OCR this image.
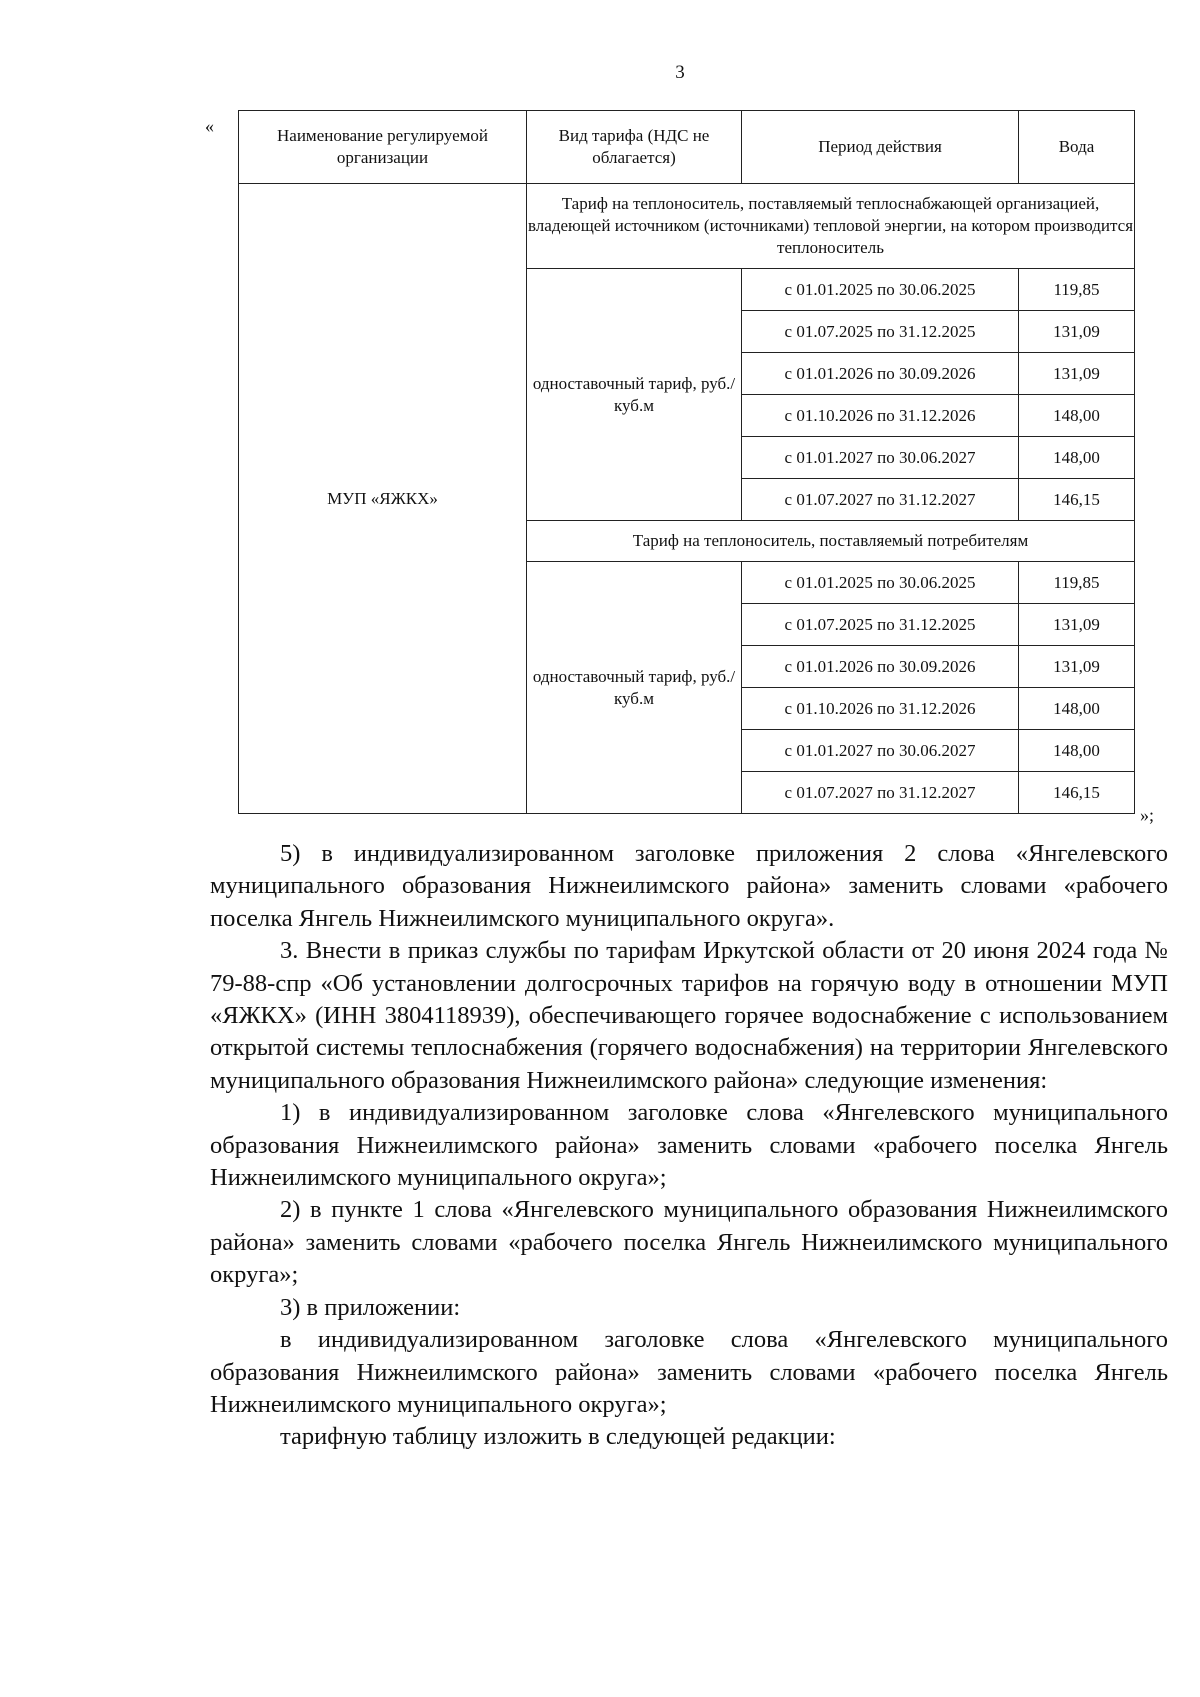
3
«
»;
Наименование регулируемой организации	Вид тарифа (НДС не облагается)	Период действия	Вода
МУП «ЯЖКХ»	Тариф на теплоноситель, поставляемый теплоснабжающей организацией, владеющей источником (источниками) тепловой энергии, на котором производится теплоноситель		
	одноставочный тариф, руб./куб.м	с 01.01.2025 по 30.06.2025	119,85
		с 01.07.2025 по 31.12.2025	131,09
		с 01.01.2026 по 30.09.2026	131,09
		с 01.10.2026 по 31.12.2026	148,00
		с 01.01.2027 по 30.06.2027	148,00
		с 01.07.2027 по 31.12.2027	146,15
	Тариф на теплоноситель, поставляемый потребителям		
	одноставочный тариф, руб./куб.м	с 01.01.2025 по 30.06.2025	119,85
		с 01.07.2025 по 31.12.2025	131,09
		с 01.01.2026 по 30.09.2026	131,09
		с 01.10.2026 по 31.12.2026	148,00
		с 01.01.2027 по 30.06.2027	148,00
		с 01.07.2027 по 31.12.2027	146,15

5) в индивидуализированном заголовке приложения 2 слова «Янгелевского муниципального образования Нижнеилимского района» заменить словами «рабочего поселка Янгель Нижнеилимского муниципального округа».

3. Внести в приказ службы по тарифам Иркутской области от 20 июня 2024 года № 79-88-спр «Об установлении долгосрочных тарифов на горячую воду в отношении МУП «ЯЖКХ» (ИНН 3804118939), обеспечивающего горячее водоснабжение с использованием открытой системы теплоснабжения (горячего водоснабжения) на территории Янгелевского муниципального образования Нижнеилимского района» следующие изменения:

1) в индивидуализированном заголовке слова «Янгелевского муниципального образования Нижнеилимского района» заменить словами «рабочего поселка Янгель Нижнеилимского муниципального округа»;

2) в пункте 1 слова «Янгелевского муниципального образования Нижнеилимского района» заменить словами «рабочего поселка Янгель Нижнеилимского муниципального округа»;

3) в приложении:

в индивидуализированном заголовке слова «Янгелевского муниципального образования Нижнеилимского района» заменить словами «рабочего поселка Янгель Нижнеилимского муниципального округа»;

тарифную таблицу изложить в следующей редакции:
